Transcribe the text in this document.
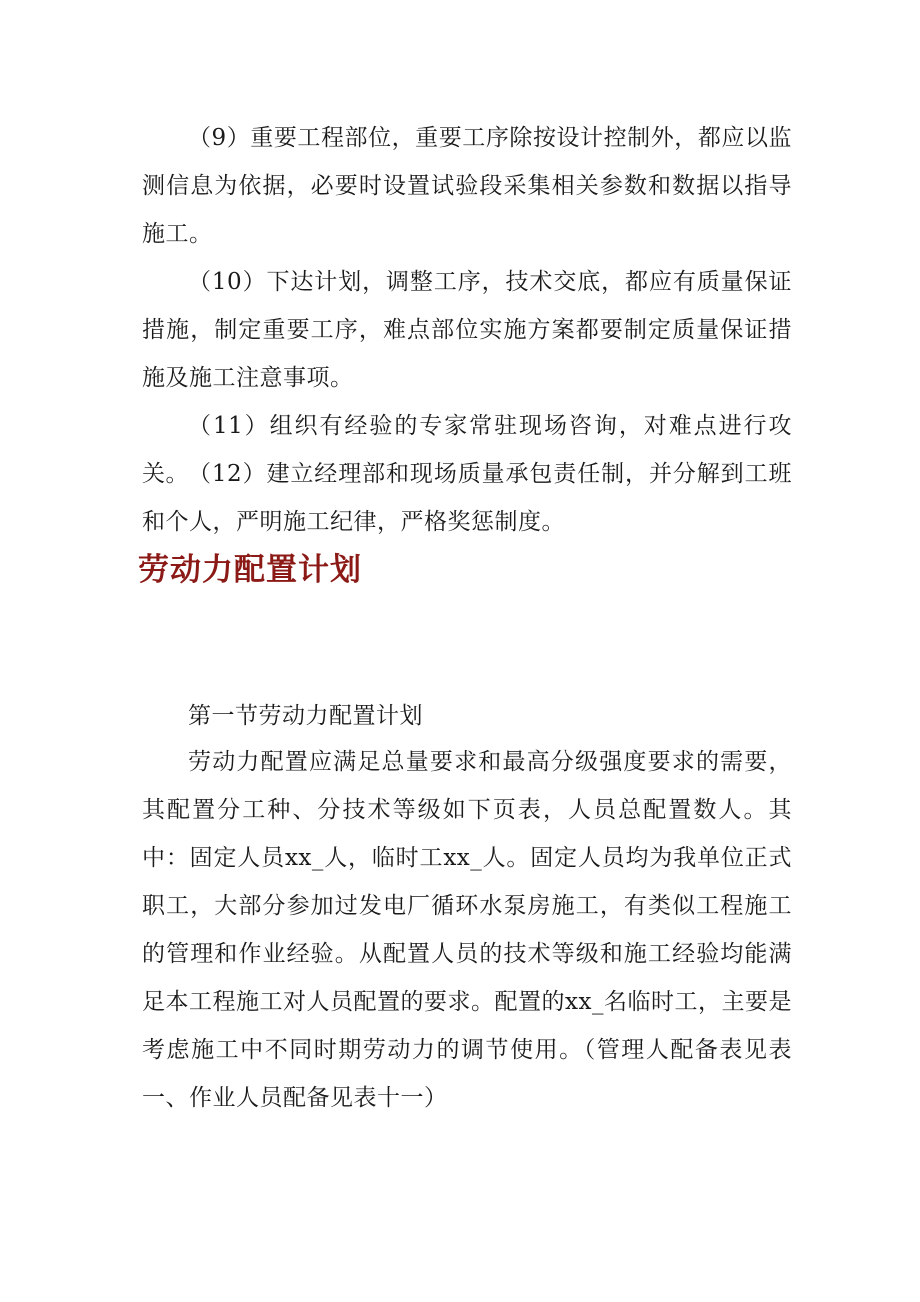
（9）重要工程部位，重要工序除按设计控制外，都应以监测信息为依据，必要时设置试验段采集相关参数和数据以指导施工。

（10）下达计划，调整工序，技术交底，都应有质量保证措施，制定重要工序，难点部位实施方案都要制定质量保证措施及施工注意事项。

（11）组织有经验的专家常驻现场咨询，对难点进行攻关。 （12）建立经理部和现场质量承包责任制，并分解到工班和个人，严明施工纪律，严格奖惩制度。

劳动力配置计划

第一节劳动力配置计划

劳动力配置应满足总量要求和最高分级强度要求的需要，其配置分工种、分技术等级如下页表，人员总配置数人。其中：固定人员xx_人，临时工xx_人。固定人员均为我单位正式职工，大部分参加过发电厂循环水泵房施工，有类似工程施工的管理和作业经验。从配置人员的技术等级和施工经验均能满足本工程施工对人员配置的要求。配置的xx_名临时工，主要是考虑施工中不同时期劳动力的调节使用。（管理人配备表见表一、作业人员配备见表十一）
